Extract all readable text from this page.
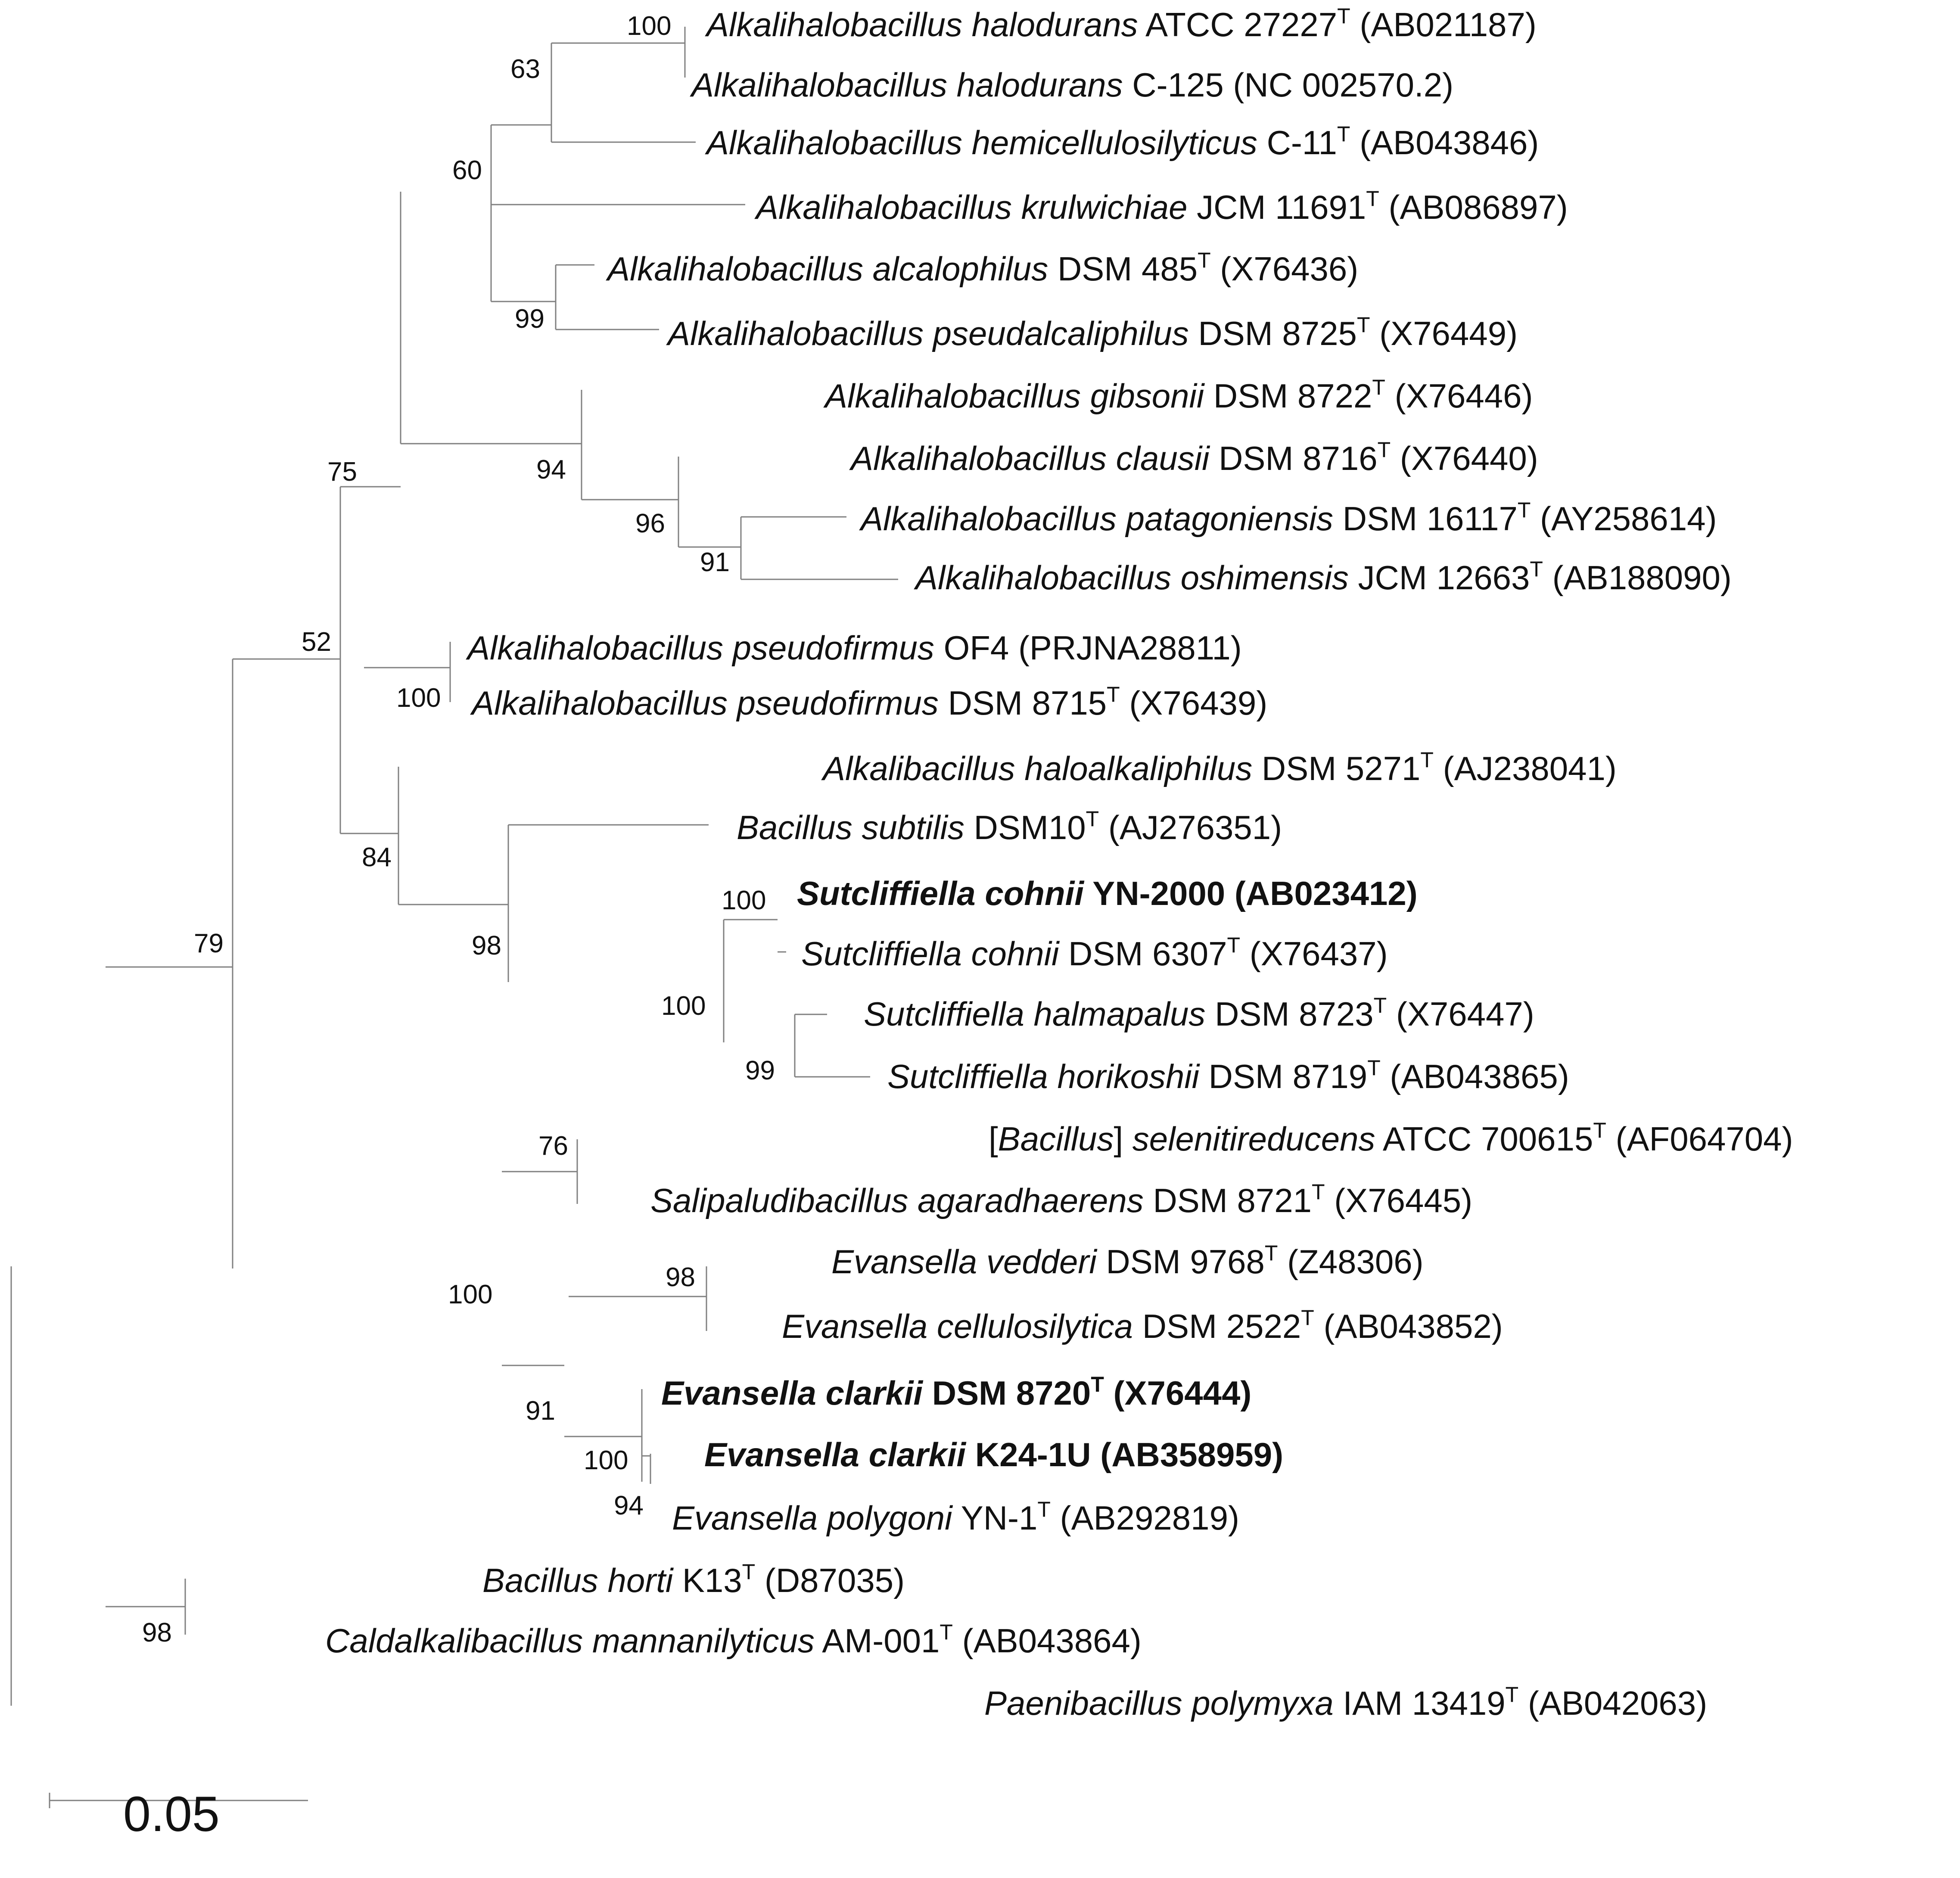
Alkalihalobacillus halodurans ATCC $27227^T$ (AB021187)
Alkalihalobacillus halodurans C-125 (NC 002570.2)
Alkalihalobacillus hemicellulosilyticus $C-11^T$ (AB043846)
Alkalihalobacillus krulwichiae JCM $11691^T$ (AB086897)
Alkalihalobacillus alcalophilus DSM $485^T$ (X76436)
Alkalihalobacillus pseudalcaliphilus DSM $8725^T$ (X76449)
Alkalihalobacillus gibsonii DSM $8722^T$ (X76446)
Alkalihalobacillus clausii DSM $8716^T$ (X76440)
Alkalihalobacillus patagoniensis DSM $16117^T$ (AY258614)
Alkalihalobacillus oshimensis JCM $12663^T$ (AB188090)
Alkalihalobacillus pseudofirmus OF4 (PRJNA28811)
Alkalihalobacillus pseudofirmus DSM $8715^T$ (X76439)
Alkalibacillus haloalkaliphilus DSM $5271^T$ (AJ238041)
Bacillus subtilis $DSM10^T$ (AJ276351)
Sutcliffiella cohnii YN-2000 (AB023412)
Sutcliffiella cohnii DSM $6307^T$ (X76437)
Sutcliffiella halmapalus DSM $8723^T$ (X76447)
Sutcliffiella horikoshii DSM $8719^T$ (AB043865)
[Bacillus] selenitireducens ATCC $700615^T$ (AF064704)
Salipaludibacillus agaradhaerens DSM $8721^T$ (X76445)
Evansella vedderi DSM $9768^T$ (Z48306)
Evansella cellulosilytica DSM $2522^T$ (AB043852)
Evansella clarkii DSM $8720^T$ (X76444)
Evansella clarkii K24-1U (AB358959)
Evansella polygoni $YN-1^T$ (AB292819)
Bacillus horti $K13^T$ (D87035)
Caldalkalibacillus mannanilyticus $AM-001^T$ (AB043864)
Paenibacillus polymyxa IAM $13419^T$ (AB042063)
100
63
60
99
75	94
96
91
52
100
84
79	98
100
100
99
76
98
100
91
100
94
98
0.05
